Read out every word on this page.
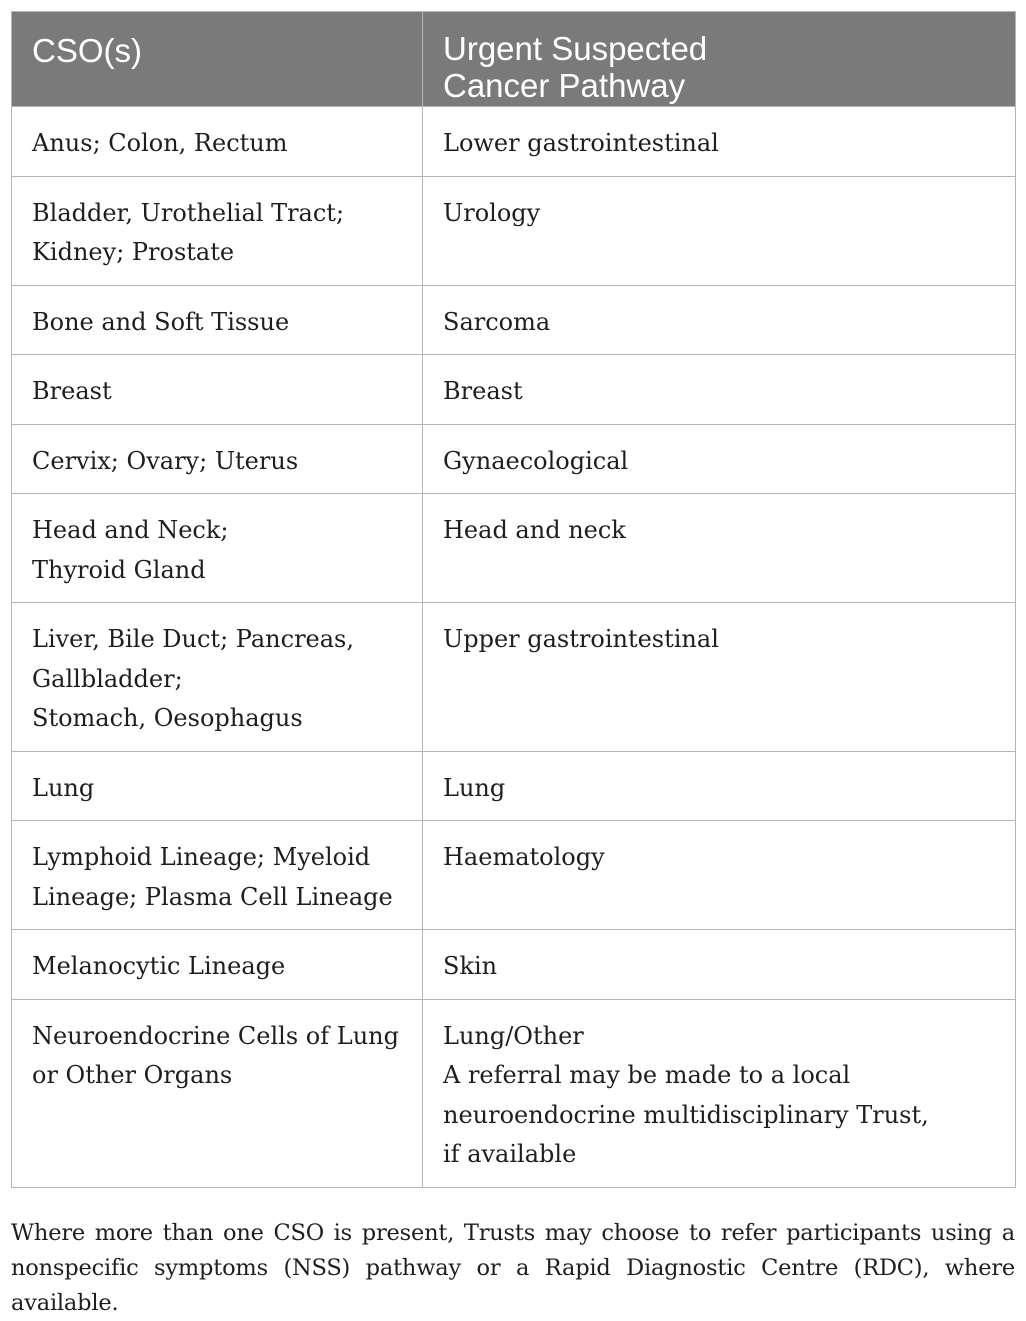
CSO(s)	Urgent Suspected
Cancer Pathway

Anus; Colon, Rectum	Lower gastrointestinal

Bladder, Urothelial Tract;
Kidney; Prostate	Urology

Bone and Soft Tissue	Sarcoma

Breast	Breast

Cervix; Ovary; Uterus	Gynaecological

Head and Neck;
Thyroid Gland	Head and neck

Liver, Bile Duct; Pancreas,
Gallbladder;
Stomach, Oesophagus	Upper gastrointestinal

Lung	Lung

Lymphoid Lineage; Myeloid
Lineage; Plasma Cell Lineage	Haematology

Melanocytic Lineage	Skin

Neuroendocrine Cells of Lung
or Other Organs	Lung/Other
A referral may be made to a local
neuroendocrine multidisciplinary Trust,
if available

Where more than one CSO is present, Trusts may choose to refer participants using a nonspecific symptoms (NSS) pathway or a Rapid Diagnostic Centre (RDC), where available.
